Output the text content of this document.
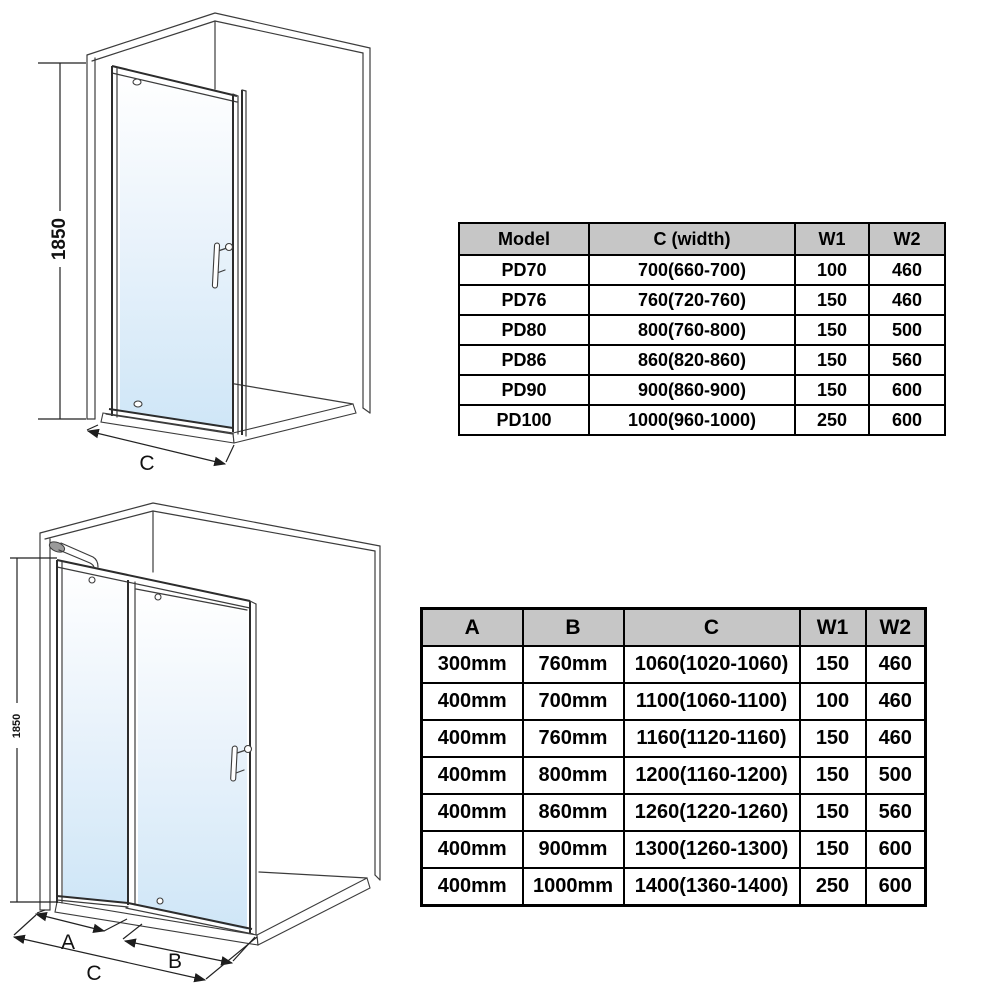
1850
C
1850
A
B
C
Model	C (width)	W1	W2
PD70	700(660-700)	100	460
PD76	760(720-760)	150	460
PD80	800(760-800)	150	500
PD86	860(820-860)	150	560
PD90	900(860-900)	150	600
PD100	1000(960-1000)	250	600
A	B	C	W1	W2
300mm	760mm	1060(1020-1060)	150	460
400mm	700mm	1100(1060-1100)	100	460
400mm	760mm	1160(1120-1160)	150	460
400mm	800mm	1200(1160-1200)	150	500
400mm	860mm	1260(1220-1260)	150	560
400mm	900mm	1300(1260-1300)	150	600
400mm	1000mm	1400(1360-1400)	250	600
